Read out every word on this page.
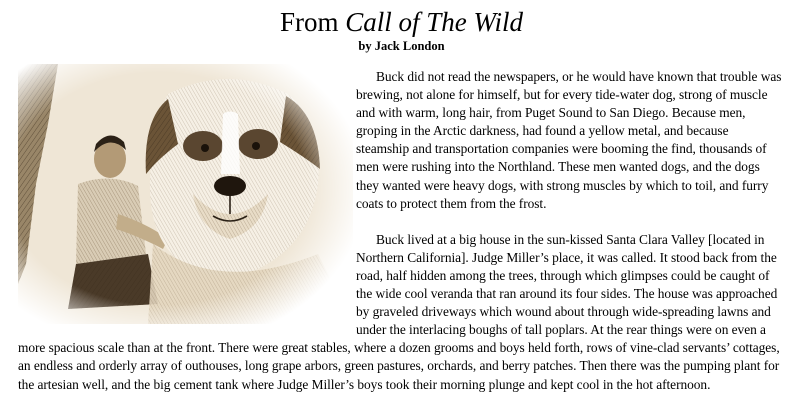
From Call of The Wild
by Jack London

Buck did not read the newspapers, or he would have known that trouble was brewing, not alone for himself, but for every tide-water dog, strong of muscle and with warm, long hair, from Puget Sound to San Diego. Because men, groping in the Arctic darkness, had found a yellow metal, and because steamship and transportation companies were booming the find, thousands of men were rushing into the Northland. These men wanted dogs, and the dogs they wanted were heavy dogs, with strong muscles by which to toil, and furry coats to protect them from the frost.

Buck lived at a big house in the sun-kissed Santa Clara Valley [located in Northern California]. Judge Miller’s place, it was called. It stood back from the road, half hidden among the trees, through which glimpses could be caught of the wide cool veranda that ran around its four sides. The house was approached by graveled driveways which wound about through wide-spreading lawns and under the interlacing boughs of tall poplars. At the rear things were on even a more spacious scale than at the front. There were great stables, where a dozen grooms and boys held forth, rows of vine-clad servants’ cottages, an endless and orderly array of outhouses, long grape arbors, green pastures, orchards, and berry patches. Then there was the pumping plant for the artesian well, and the big cement tank where Judge Miller’s boys took their morning plunge and kept cool in the hot afternoon.
